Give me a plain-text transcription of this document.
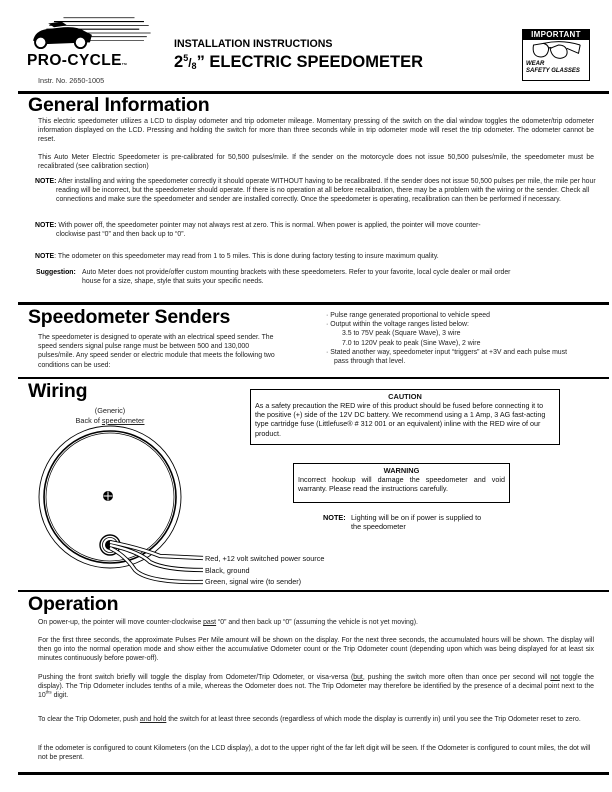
PRO-CYCLETM
Instr. No. 2650-1005
INSTALLATION INSTRUCTIONS
$2^5/8$” ELECTRIC SPEEDOMETER
IMPORTANT
WEAR
SAFETY GLASSES
General Information
This electric speedometer utilizes a LCD to display odometer and trip odometer mileage. Momentary pressing of the switch on the dial window toggles the odometer/trip odometer information displayed on the LCD. Pressing and holding the switch for more than three seconds while in trip odometer mode will reset the trip odometer. The odometer cannot be reset.
This Auto Meter Electric Speedometer is pre-calibrated for 50,500 pulses/mile. If the sender on the motorcycle does not issue 50,500 pulses/mile, the speedometer must be recalibrated (see calibration section)
NOTE: After installing and wiring the speedometer correctly it should operate WITHOUT having to be recalibrated. If the sender does not issue 50,500 pulses per mile, the mile per hour reading will be incorrect, but the speedometer should operate. If there is no operation at all before recalibration, there may be a problem with the wiring or the sender. Check all connections and make sure the speedometer and sender are installed correctly. Once the speedometer is operating, recalibration can then be performed if necessary.
NOTE: With power off, the speedometer pointer may not always rest at zero. This is normal. When power is applied, the pointer will move counter-clockwise past “0” and then back up to “0”.
NOTE: The odometer on this speedometer may read from 1 to 5 miles. This is done during factory testing to insure maximum quality.
Suggestion: Auto Meter does not provide/offer custom mounting brackets with these speedometers. Refer to your favorite, local cycle dealer or mail order house for a size, shape, style that suits your specific needs.
Speedometer Senders
The speedometer is designed to operate with an electrical speed sender. The speed senders signal pulse range must be between 500 and 130,000 pulses/mile. Any speed sender or electric module that meets the following two conditions can be used:
· Pulse range generated proportional to vehicle speed
· Output within the voltage ranges listed below:
3.5 to 75V peak (Square Wave), 3 wire
7.0 to 120V peak to peak (Sine Wave), 2 wire
· Stated another way, speedometer input “triggers” at +3V and each pulse must pass through that level.
Wiring
(Generic)
Back of speedometer
Red, +12 volt switched power source
Black, ground
Green, signal wire (to sender)
CAUTION
As a safety precaution the RED wire of this product should be fused before connecting it to the positive (+) side of the 12V DC battery. We recommend using a 1 Amp, 3 AG fast-acting type cartridge fuse (Littlefuse® # 312 001 or an equivalent) inline with the RED wire of our product.
WARNING
Incorrect hookup will damage the speedometer and void warranty. Please read the instructions carefully.
NOTE: Lighting will be on if power is supplied to the speedometer
Operation
On power-up, the pointer will move counter-clockwise past “0” and then back up “0” (assuming the vehicle is not yet moving).
For the first three seconds, the approximate Pulses Per Mile amount will be shown on the display. For the next three seconds, the accumulated hours will be shown. The display will then go into the normal operation mode and show either the accumulative Odometer count or the Trip Odometer count (depending upon which was being displayed for at least six minutes continuously before power-off).
Pushing the front switch briefly will toggle the display from Odometer/Trip Odometer, or visa-versa (but, pushing the switch more often than once per second will not toggle the display). The Trip Odometer includes tenths of a mile, whereas the Odometer does not. The Trip Odometer may therefore be identified by the presence of a decimal point next to the $10^{ths}$ digit.
To clear the Trip Odometer, push and hold the switch for at least three seconds (regardless of which mode the display is currently in) until you see the Trip Odometer reset to zero.
If the odometer is configured to count Kilometers (on the LCD display), a dot to the upper right of the far left digit will be seen. If the Odometer is configured to count miles, the dot will not be present.
